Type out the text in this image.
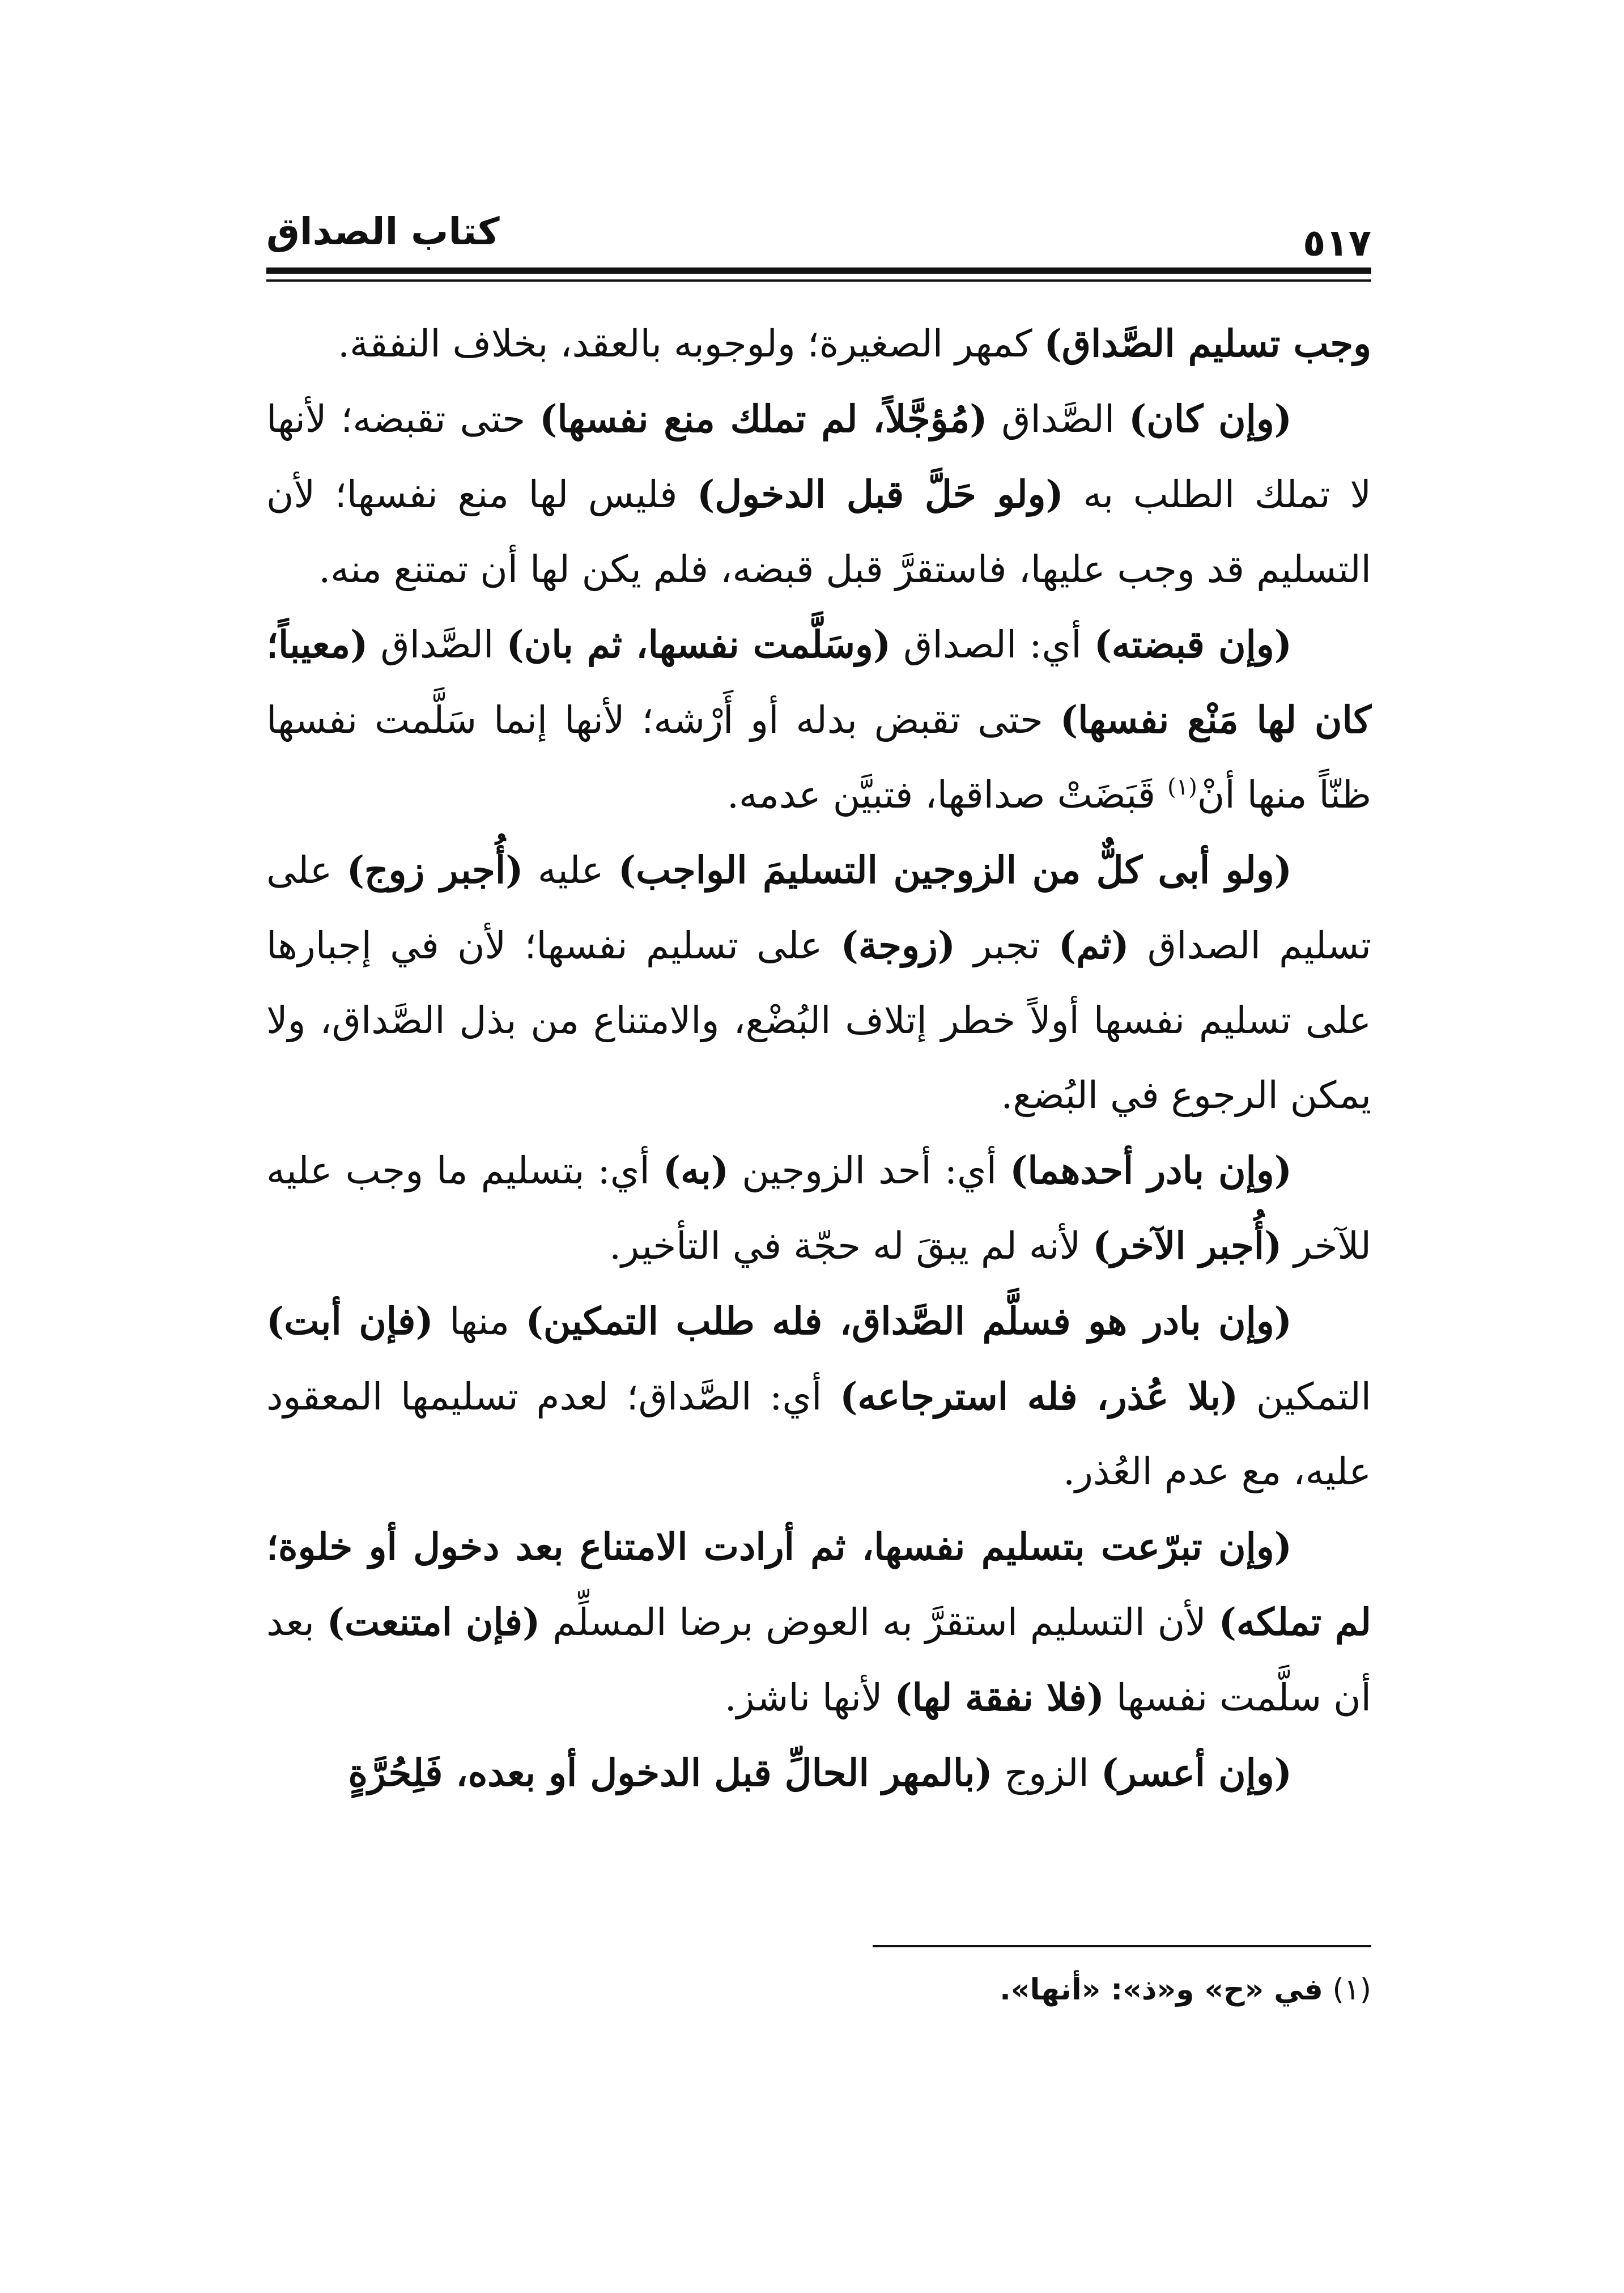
كتاب الصداق	٥١٧

وجب تسليم الصَّداق) كمهر الصغيرة؛ ولوجوبه بالعقد، بخلاف النفقة.

(وإن كان) الصَّداق (مُؤجَّلاً، لم تملك منع نفسها) حتى تقبضه؛ لأنها لا تملك الطلب به (ولو حَلَّ قبل الدخول) فليس لها منع نفسها؛ لأن التسليم قد وجب عليها، فاستقرَّ قبل قبضه، فلم يكن لها أن تمتنع منه.

(وإن قبضته) أي: الصداق (وسَلَّمت نفسها، ثم بان) الصَّداق (معيباً؛ كان لها مَنْع نفسها) حتى تقبض بدله أو أَرْشه؛ لأنها إنما سَلَّمت نفسها ظنّاً منها أنْ$^{(١)}$ قَبَضَتْ صداقها، فتبيَّن عدمه.

(ولو أبى كلٌّ من الزوجين التسليمَ الواجب) عليه (أُجبر زوج) على تسليم الصداق (ثم) تجبر (زوجة) على تسليم نفسها؛ لأن في إجبارها على تسليم نفسها أولاً خطر إتلاف البُضْع، والامتناع من بذل الصَّداق، ولا يمكن الرجوع في البُضع.

(وإن بادر أحدهما) أي: أحد الزوجين (به) أي: بتسليم ما وجب عليه للآخر (أُجبر الآخر) لأنه لم يبقَ له حجّة في التأخير.

(وإن بادر هو فسلَّم الصَّداق، فله طلب التمكين) منها (فإن أبت) التمكين (بلا عُذر، فله استرجاعه) أي: الصَّداق؛ لعدم تسليمها المعقود عليه، مع عدم العُذر.

(وإن تبرّعت بتسليم نفسها، ثم أرادت الامتناع بعد دخول أو خلوة؛ لم تملكه) لأن التسليم استقرَّ به العوض برضا المسلِّم (فإن امتنعت) بعد أن سلَّمت نفسها (فلا نفقة لها) لأنها ناشز.

(وإن أعسر) الزوج (بالمهر الحالِّ قبل الدخول أو بعده، فَلِحُرَّةٍ

(١) في «ح» و«ذ»: «أنها».
